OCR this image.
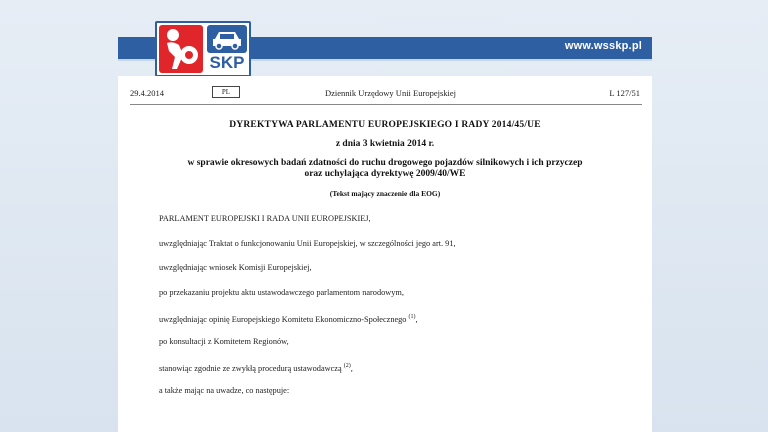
www.wsskp.pl
SKP
29.4.2014	PL	Dziennik Urzędowy Unii Europejskiej	L 127/51

DYREKTYWA PARLAMENTU EUROPEJSKIEGO I RADY 2014/45/UE

z dnia 3 kwietnia 2014 r.

w sprawie okresowych badań zdatności do ruchu drogowego pojazdów silnikowych i ich przyczep

oraz uchylająca dyrektywę 2009/40/WE

(Tekst mający znaczenie dla EOG)

PARLAMENT EUROPEJSKI I RADA UNII EUROPEJSKIEJ,

uwzględniając Traktat o funkcjonowaniu Unii Europejskiej, w szczególności jego art. 91,

uwzględniając wniosek Komisji Europejskiej,

po przekazaniu projektu aktu ustawodawczego parlamentom narodowym,

uwzględniając opinię Europejskiego Komitetu Ekonomiczno-Społecznego $^{(1)}$,

po konsultacji z Komitetem Regionów,

stanowiąc zgodnie ze zwykłą procedurą ustawodawczą $^{(2)}$,

a także mając na uwadze, co następuje:
